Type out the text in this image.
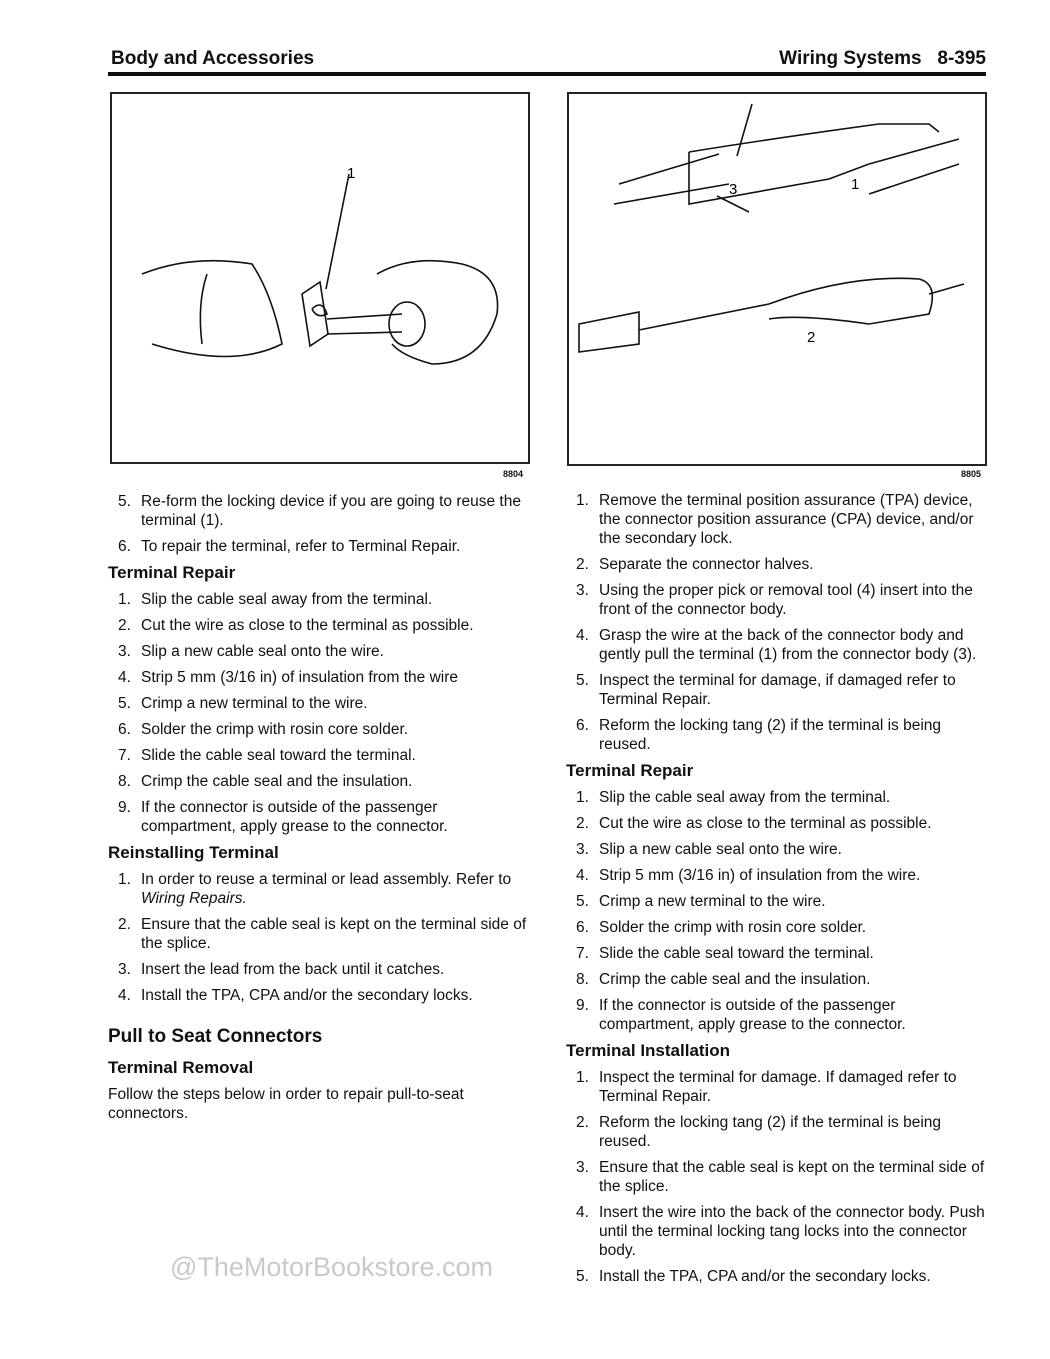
Body and Accessories	Wiring Systems 8-395
1
8804
3	1
2
8805
5 . Re-form the locking device if you are going to reuse the terminal (1).
6 . To repair the terminal, refer to Terminal Repair.
Terminal Repair
1 . Slip the cable seal away from the terminal.
2 . Cut the wire as close to the terminal as possible.
3 . Slip a new cable seal onto the wire.
4 . Strip 5 mm (3/16 in) of insulation from the wire
5 . Crimp a new terminal to the wire.
6 . Solder the crimp with rosin core solder.
7 . Slide the cable seal toward the terminal.
8 . Crimp the cable seal and the insulation.
9 . If the connector is outside of the passenger compartment, apply grease to the connector.
Reinstalling Terminal
1 . In order to reuse a terminal or lead assembly. Refer to Wiring Repairs.
2 . Ensure that the cable seal is kept on the terminal side of the splice.
3 . Insert the lead from the back until it catches.
4 . Install the TPA, CPA and/or the secondary locks.
Pull to Seat Connectors
Terminal Removal

Follow the steps below in order to repair pull-to-seat connectors.

1 . Remove the terminal position assurance (TPA) device, the connector position assurance (CPA) device, and/or the secondary lock.
2 . Separate the connector halves.
3 . Using the proper pick or removal tool (4) insert into the front of the connector body.
4 . Grasp the wire at the back of the connector body and gently pull the terminal (1) from the connector body (3).
5 . Inspect the terminal for damage, if damaged refer to Terminal Repair.
6 . Reform the locking tang (2) if the terminal is being reused.
Terminal Repair
1 . Slip the cable seal away from the terminal.
2 . Cut the wire as close to the terminal as possible.
3 . Slip a new cable seal onto the wire.
4 . Strip 5 mm (3/16 in) of insulation from the wire.
5 . Crimp a new terminal to the wire.
6 . Solder the crimp with rosin core solder.
7 . Slide the cable seal toward the terminal.
8 . Crimp the cable seal and the insulation.
9 . If the connector is outside of the passenger compartment, apply grease to the connector.
Terminal Installation
1 . Inspect the terminal for damage. If damaged refer to Terminal Repair.
2 . Reform the locking tang (2) if the terminal is being reused.
3 . Ensure that the cable seal is kept on the terminal side of the splice.
4 . Insert the wire into the back of the connector body. Push until the terminal locking tang locks into the connector body.
5 . Install the TPA, CPA and/or the secondary locks.
@TheMotorBookstore.com
